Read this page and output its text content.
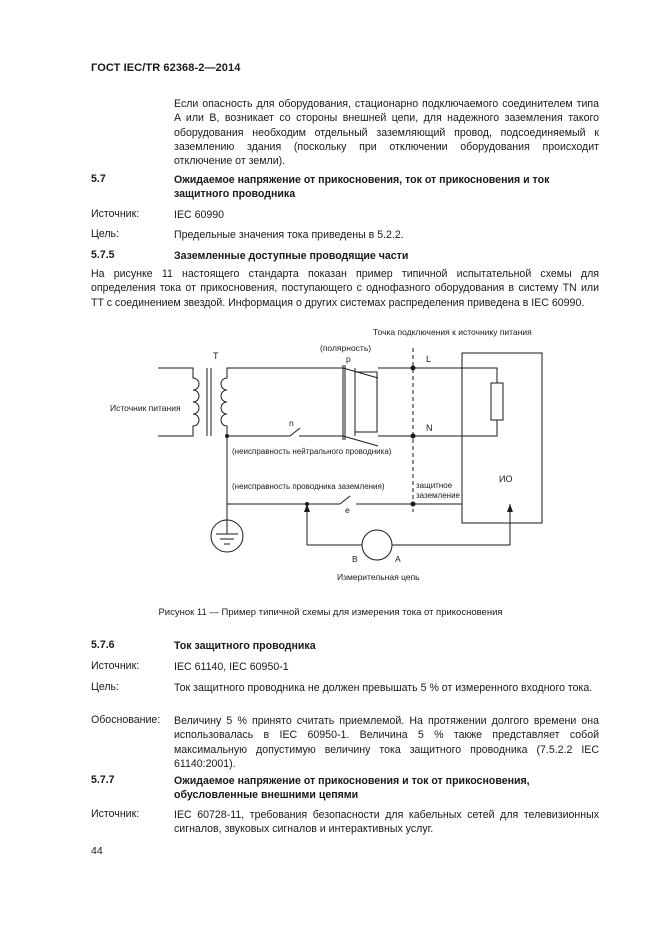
ГОСТ IEC/TR 62368-2—2014
Если опасность для оборудования, стационарно подключаемого соединителем типа A или B, возникает со стороны внешней цепи, для надежного заземления такого оборудования необходим отдельный заземляющий провод, подсоединяемый к заземлению здания (поскольку при отключении оборудования происходит отключение от земли).
5.7	Ожидаемое напряжение от прикосновения, ток от прикосновения и ток защитного проводника
Источник:	IEC 60990
Цель:	Предельные значения тока приведены в 5.2.2.
5.7.5	Заземленные доступные проводящие части
На рисунке 11 настоящего стандарта показан пример типичной испытательной схемы для определения тока от прикосновения, поступающего с однофазного оборудования в систему TN или TT с соединением звездой. Информация о других системах распределения приведена в IEC 60990.
Точка подключения к источнику питания
(полярность)
T	p	L
N
n
e
Источник питания
(неисправность нейтрального проводника)
(неисправность проводника заземления)	защитное
заземление
ИО
B	A
Измерительная цепь
Рисунок 11 — Пример типичной схемы для измерения тока от прикосновения
5.7.6	Ток защитного проводника
Источник:	IEC 61140, IEC 60950-1
Цель:	Ток защитного проводника не должен превышать 5 % от измеренного входного тока.
Обоснование: Величину 5 % принято считать приемлемой. На протяжении долгого времени она использовалась в IEC 60950-1. Величина 5 % также представляет собой максимальную допустимую величину тока защитного проводника (7.5.2.2 IEC 61140:2001).
5.7.7	Ожидаемое напряжение от прикосновения и ток от прикосновения, обусловленные внешними цепями
Источник:	IEC 60728-11, требования безопасности для кабельных сетей для телевизионных сигналов, звуковых сигналов и интерактивных услуг.
44
